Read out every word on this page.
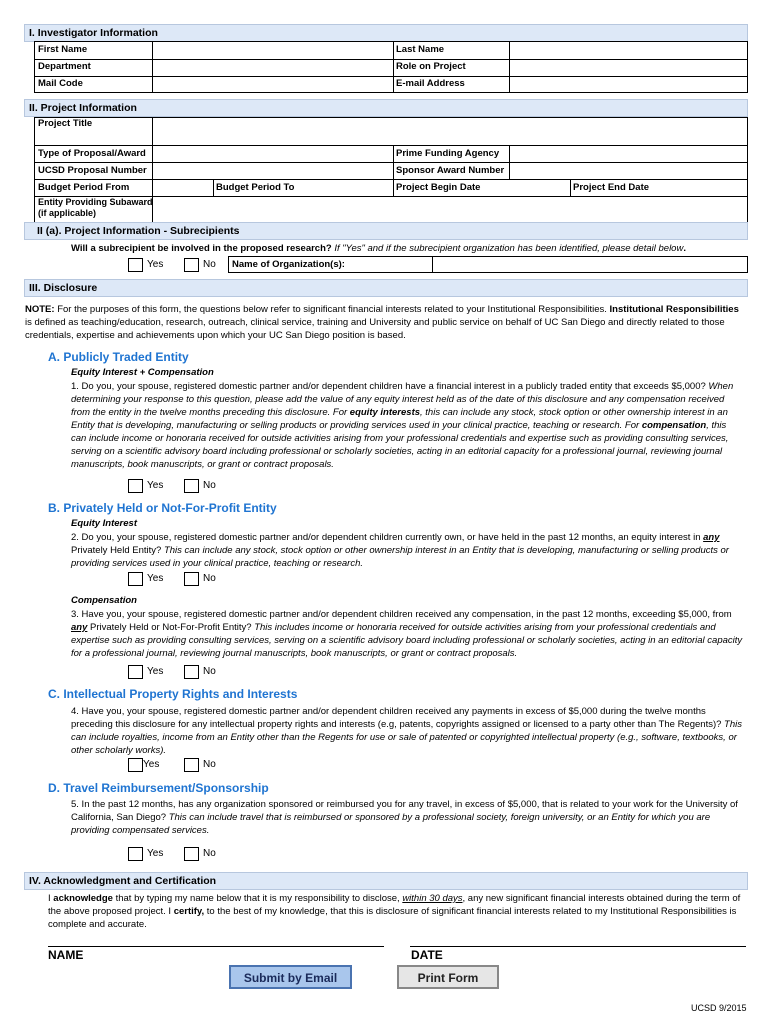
I. Investigator Information
First Name	Last Name
Department	Role on Project
Mail Code	E-mail Address
II. Project Information
Project Title
Type of Proposal/Award	Prime Funding Agency
UCSD Proposal Number	Sponsor Award Number
Budget Period From	Budget Period To	Project Begin Date	Project End Date
Entity Providing Subaward
(if applicable)
II (a). Project Information - Subrecipients
Will a subrecipient be involved in the proposed research? If "Yes" and if the subrecipient organization has been identified, please detail below.
Yes	No Name of Organization(s):
III. Disclosure
NOTE: For the purposes of this form, the questions below refer to significant financial interests related to your Institutional Responsibilities. Institutional Responsibilities is defined as teaching/education, research, outreach, clinical service, training and University and public service on behalf of UC San Diego and directly related to those credentials, expertise and achievements upon which your UC San Diego position is based.
A. Publicly Traded Entity
Equity Interest + Compensation
1. Do you, your spouse, registered domestic partner and/or dependent children have a financial interest in a publicly traded entity that exceeds $5,000? When determining your response to this question, please add the value of any equity interest held as of the date of this disclosure and any compensation received from the entity in the twelve months preceding this disclosure. For equity interests, this can include any stock, stock option or other ownership interest in an Entity that is developing, manufacturing or selling products or providing services used in your clinical practice, teaching or research. For compensation, this can include income or honoraria received for outside activities arising from your professional credentials and expertise such as providing consulting services, serving on a scientific advisory board including professional or scholarly societies, acting in an editorial capacity for a professional journal, reviewing journal manuscripts, book manuscripts, or grant or contract proposals.
Yes	No
B. Privately Held or Not-For-Profit Entity
Equity Interest
2. Do you, your spouse, registered domestic partner and/or dependent children currently own, or have held in the past 12 months, an equity interest in any Privately Held Entity? This can include any stock, stock option or other ownership interest in an Entity that is developing, manufacturing or selling products or providing services used in your clinical practice, teaching or research.
Yes	No
Compensation
3. Have you, your spouse, registered domestic partner and/or dependent children received any compensation, in the past 12 months, exceeding $5,000, from any Privately Held or Not-For-Profit Entity? This includes income or honoraria received for outside activities arising from your professional credentials and expertise such as providing consulting services, serving on a scientific advisory board including professional or scholarly societies, acting in an editorial capacity for a professional journal, reviewing journal manuscripts, book manuscripts, or grant or contract proposals.
Yes	No
C. Intellectual Property Rights and Interests
4. Have you, your spouse, registered domestic partner and/or dependent children received any payments in excess of $5,000 during the twelve months preceding this disclosure for any intellectual property rights and interests (e.g, patents, copyrights assigned or licensed to a party other than The Regents)? This can include royalties, income from an Entity other than the Regents for use or sale of patented or copyrighted intellectual property (e.g., software, textbooks, or other scholarly works).
Yes	No
D. Travel Reimbursement/Sponsorship
5. In the past 12 months, has any organization sponsored or reimbursed you for any travel, in excess of $5,000, that is related to your work for the University of California, San Diego? This can include travel that is reimbursed or sponsored by a professional society, foreign university, or an Entity for which you are providing compensated services.
Yes	No
IV. Acknowledgment and Certification
I acknowledge that by typing my name below that it is my responsibility to disclose, within 30 days, any new significant financial interests obtained during the term of the above proposed project. I certify, to the best of my knowledge, that this is disclosure of significant financial interests related to my Institutional Responsibilities is complete and accurate.
NAME	DATE
Submit by Email	Print Form
UCSD 9/2015
